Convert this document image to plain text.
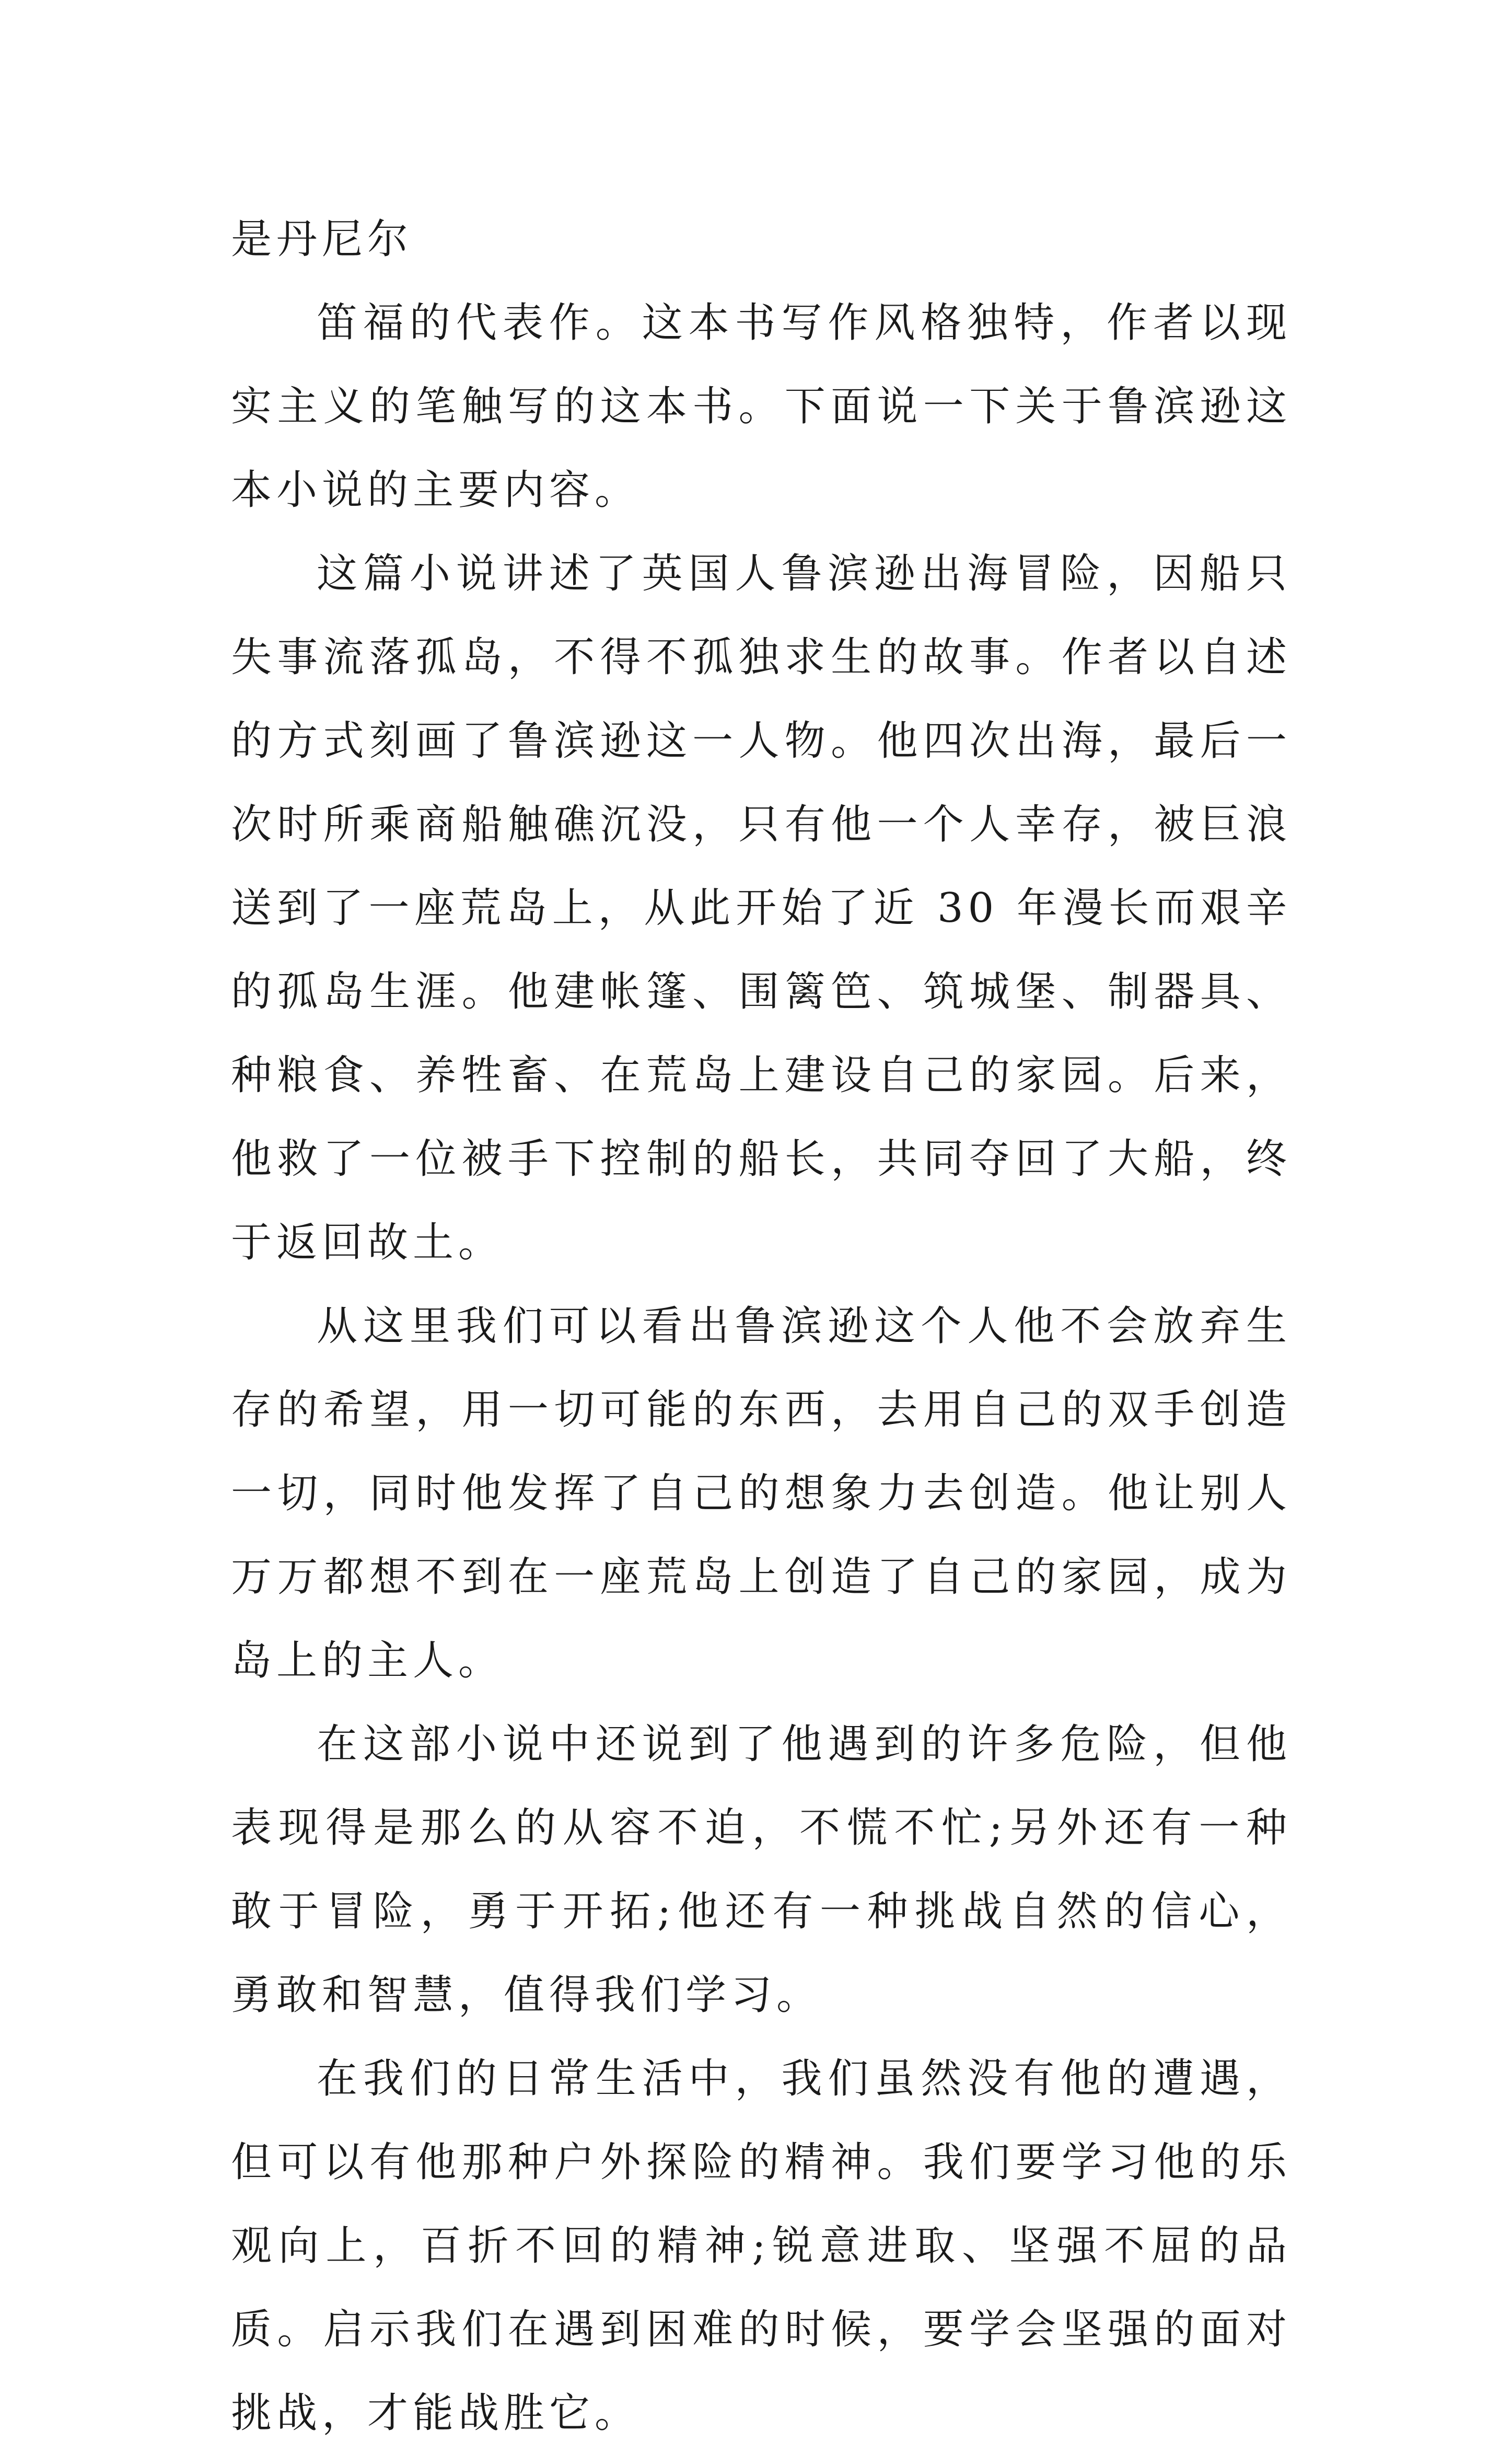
是丹尼尔

笛福的代表作。这本书写作风格独特，作者以现实主义的笔触写的这本书。下面说一下关于鲁滨逊这本小说的主要内容。

这篇小说讲述了英国人鲁滨逊出海冒险，因船只失事流落孤岛，不得不孤独求生的故事。作者以自述的方式刻画了鲁滨逊这一人物。他四次出海，最后一次时所乘商船触礁沉没，只有他一个人幸存，被巨浪送到了一座荒岛上，从此开始了近 30 年漫长而艰辛的孤岛生涯。他建帐篷、围篱笆、筑城堡、制器具、种粮食、养牲畜、在荒岛上建设自己的家园。后来，他救了一位被手下控制的船长，共同夺回了大船，终于返回故土。

从这里我们可以看出鲁滨逊这个人他不会放弃生存的希望，用一切可能的东西，去用自己的双手创造一切，同时他发挥了自己的想象力去创造。他让别人万万都想不到在一座荒岛上创造了自己的家园，成为岛上的主人。

在这部小说中还说到了他遇到的许多危险，但他表现得是那么的从容不迫，不慌不忙;另外还有一种敢于冒险，勇于开拓;他还有一种挑战自然的信心，勇敢和智慧，值得我们学习。

在我们的日常生活中，我们虽然没有他的遭遇，但可以有他那种户外探险的精神。我们要学习他的乐观向上，百折不回的精神;锐意进取、坚强不屈的品质。启示我们在遇到困难的时候，要学会坚强的面对挑战，才能战胜它。
